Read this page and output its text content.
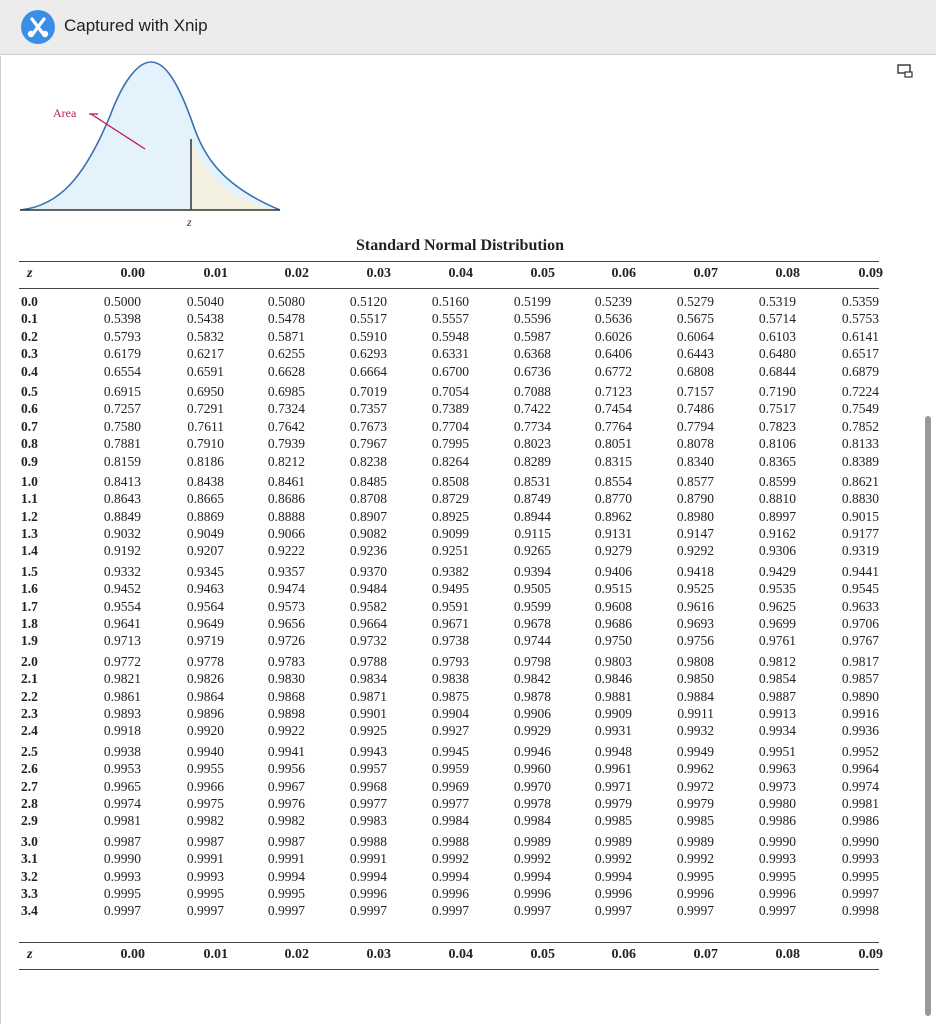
Captured with Xnip
Area
z
Standard Normal Distribution
z	0.00	0.01	0.02	0.03	0.04	0.05	0.06	0.07	0.08	0.09
0.0	0.5000	0.5040	0.5080	0.5120	0.5160	0.5199	0.5239	0.5279	0.5319	0.5359
0.1	0.5398	0.5438	0.5478	0.5517	0.5557	0.5596	0.5636	0.5675	0.5714	0.5753
0.2	0.5793	0.5832	0.5871	0.5910	0.5948	0.5987	0.6026	0.6064	0.6103	0.6141
0.3	0.6179	0.6217	0.6255	0.6293	0.6331	0.6368	0.6406	0.6443	0.6480	0.6517
0.4	0.6554	0.6591	0.6628	0.6664	0.6700	0.6736	0.6772	0.6808	0.6844	0.6879
0.5	0.6915	0.6950	0.6985	0.7019	0.7054	0.7088	0.7123	0.7157	0.7190	0.7224
0.6	0.7257	0.7291	0.7324	0.7357	0.7389	0.7422	0.7454	0.7486	0.7517	0.7549
0.7	0.7580	0.7611	0.7642	0.7673	0.7704	0.7734	0.7764	0.7794	0.7823	0.7852
0.8	0.7881	0.7910	0.7939	0.7967	0.7995	0.8023	0.8051	0.8078	0.8106	0.8133
0.9	0.8159	0.8186	0.8212	0.8238	0.8264	0.8289	0.8315	0.8340	0.8365	0.8389
1.0	0.8413	0.8438	0.8461	0.8485	0.8508	0.8531	0.8554	0.8577	0.8599	0.8621
1.1	0.8643	0.8665	0.8686	0.8708	0.8729	0.8749	0.8770	0.8790	0.8810	0.8830
1.2	0.8849	0.8869	0.8888	0.8907	0.8925	0.8944	0.8962	0.8980	0.8997	0.9015
1.3	0.9032	0.9049	0.9066	0.9082	0.9099	0.9115	0.9131	0.9147	0.9162	0.9177
1.4	0.9192	0.9207	0.9222	0.9236	0.9251	0.9265	0.9279	0.9292	0.9306	0.9319
1.5	0.9332	0.9345	0.9357	0.9370	0.9382	0.9394	0.9406	0.9418	0.9429	0.9441
1.6	0.9452	0.9463	0.9474	0.9484	0.9495	0.9505	0.9515	0.9525	0.9535	0.9545
1.7	0.9554	0.9564	0.9573	0.9582	0.9591	0.9599	0.9608	0.9616	0.9625	0.9633
1.8	0.9641	0.9649	0.9656	0.9664	0.9671	0.9678	0.9686	0.9693	0.9699	0.9706
1.9	0.9713	0.9719	0.9726	0.9732	0.9738	0.9744	0.9750	0.9756	0.9761	0.9767
2.0	0.9772	0.9778	0.9783	0.9788	0.9793	0.9798	0.9803	0.9808	0.9812	0.9817
2.1	0.9821	0.9826	0.9830	0.9834	0.9838	0.9842	0.9846	0.9850	0.9854	0.9857
2.2	0.9861	0.9864	0.9868	0.9871	0.9875	0.9878	0.9881	0.9884	0.9887	0.9890
2.3	0.9893	0.9896	0.9898	0.9901	0.9904	0.9906	0.9909	0.9911	0.9913	0.9916
2.4	0.9918	0.9920	0.9922	0.9925	0.9927	0.9929	0.9931	0.9932	0.9934	0.9936
2.5	0.9938	0.9940	0.9941	0.9943	0.9945	0.9946	0.9948	0.9949	0.9951	0.9952
2.6	0.9953	0.9955	0.9956	0.9957	0.9959	0.9960	0.9961	0.9962	0.9963	0.9964
2.7	0.9965	0.9966	0.9967	0.9968	0.9969	0.9970	0.9971	0.9972	0.9973	0.9974
2.8	0.9974	0.9975	0.9976	0.9977	0.9977	0.9978	0.9979	0.9979	0.9980	0.9981
2.9	0.9981	0.9982	0.9982	0.9983	0.9984	0.9984	0.9985	0.9985	0.9986	0.9986
3.0	0.9987	0.9987	0.9987	0.9988	0.9988	0.9989	0.9989	0.9989	0.9990	0.9990
3.1	0.9990	0.9991	0.9991	0.9991	0.9992	0.9992	0.9992	0.9992	0.9993	0.9993
3.2	0.9993	0.9993	0.9994	0.9994	0.9994	0.9994	0.9994	0.9995	0.9995	0.9995
3.3	0.9995	0.9995	0.9995	0.9996	0.9996	0.9996	0.9996	0.9996	0.9996	0.9997
3.4	0.9997	0.9997	0.9997	0.9997	0.9997	0.9997	0.9997	0.9997	0.9997	0.9998
z	0.00	0.01	0.02	0.03	0.04	0.05	0.06	0.07	0.08	0.09
